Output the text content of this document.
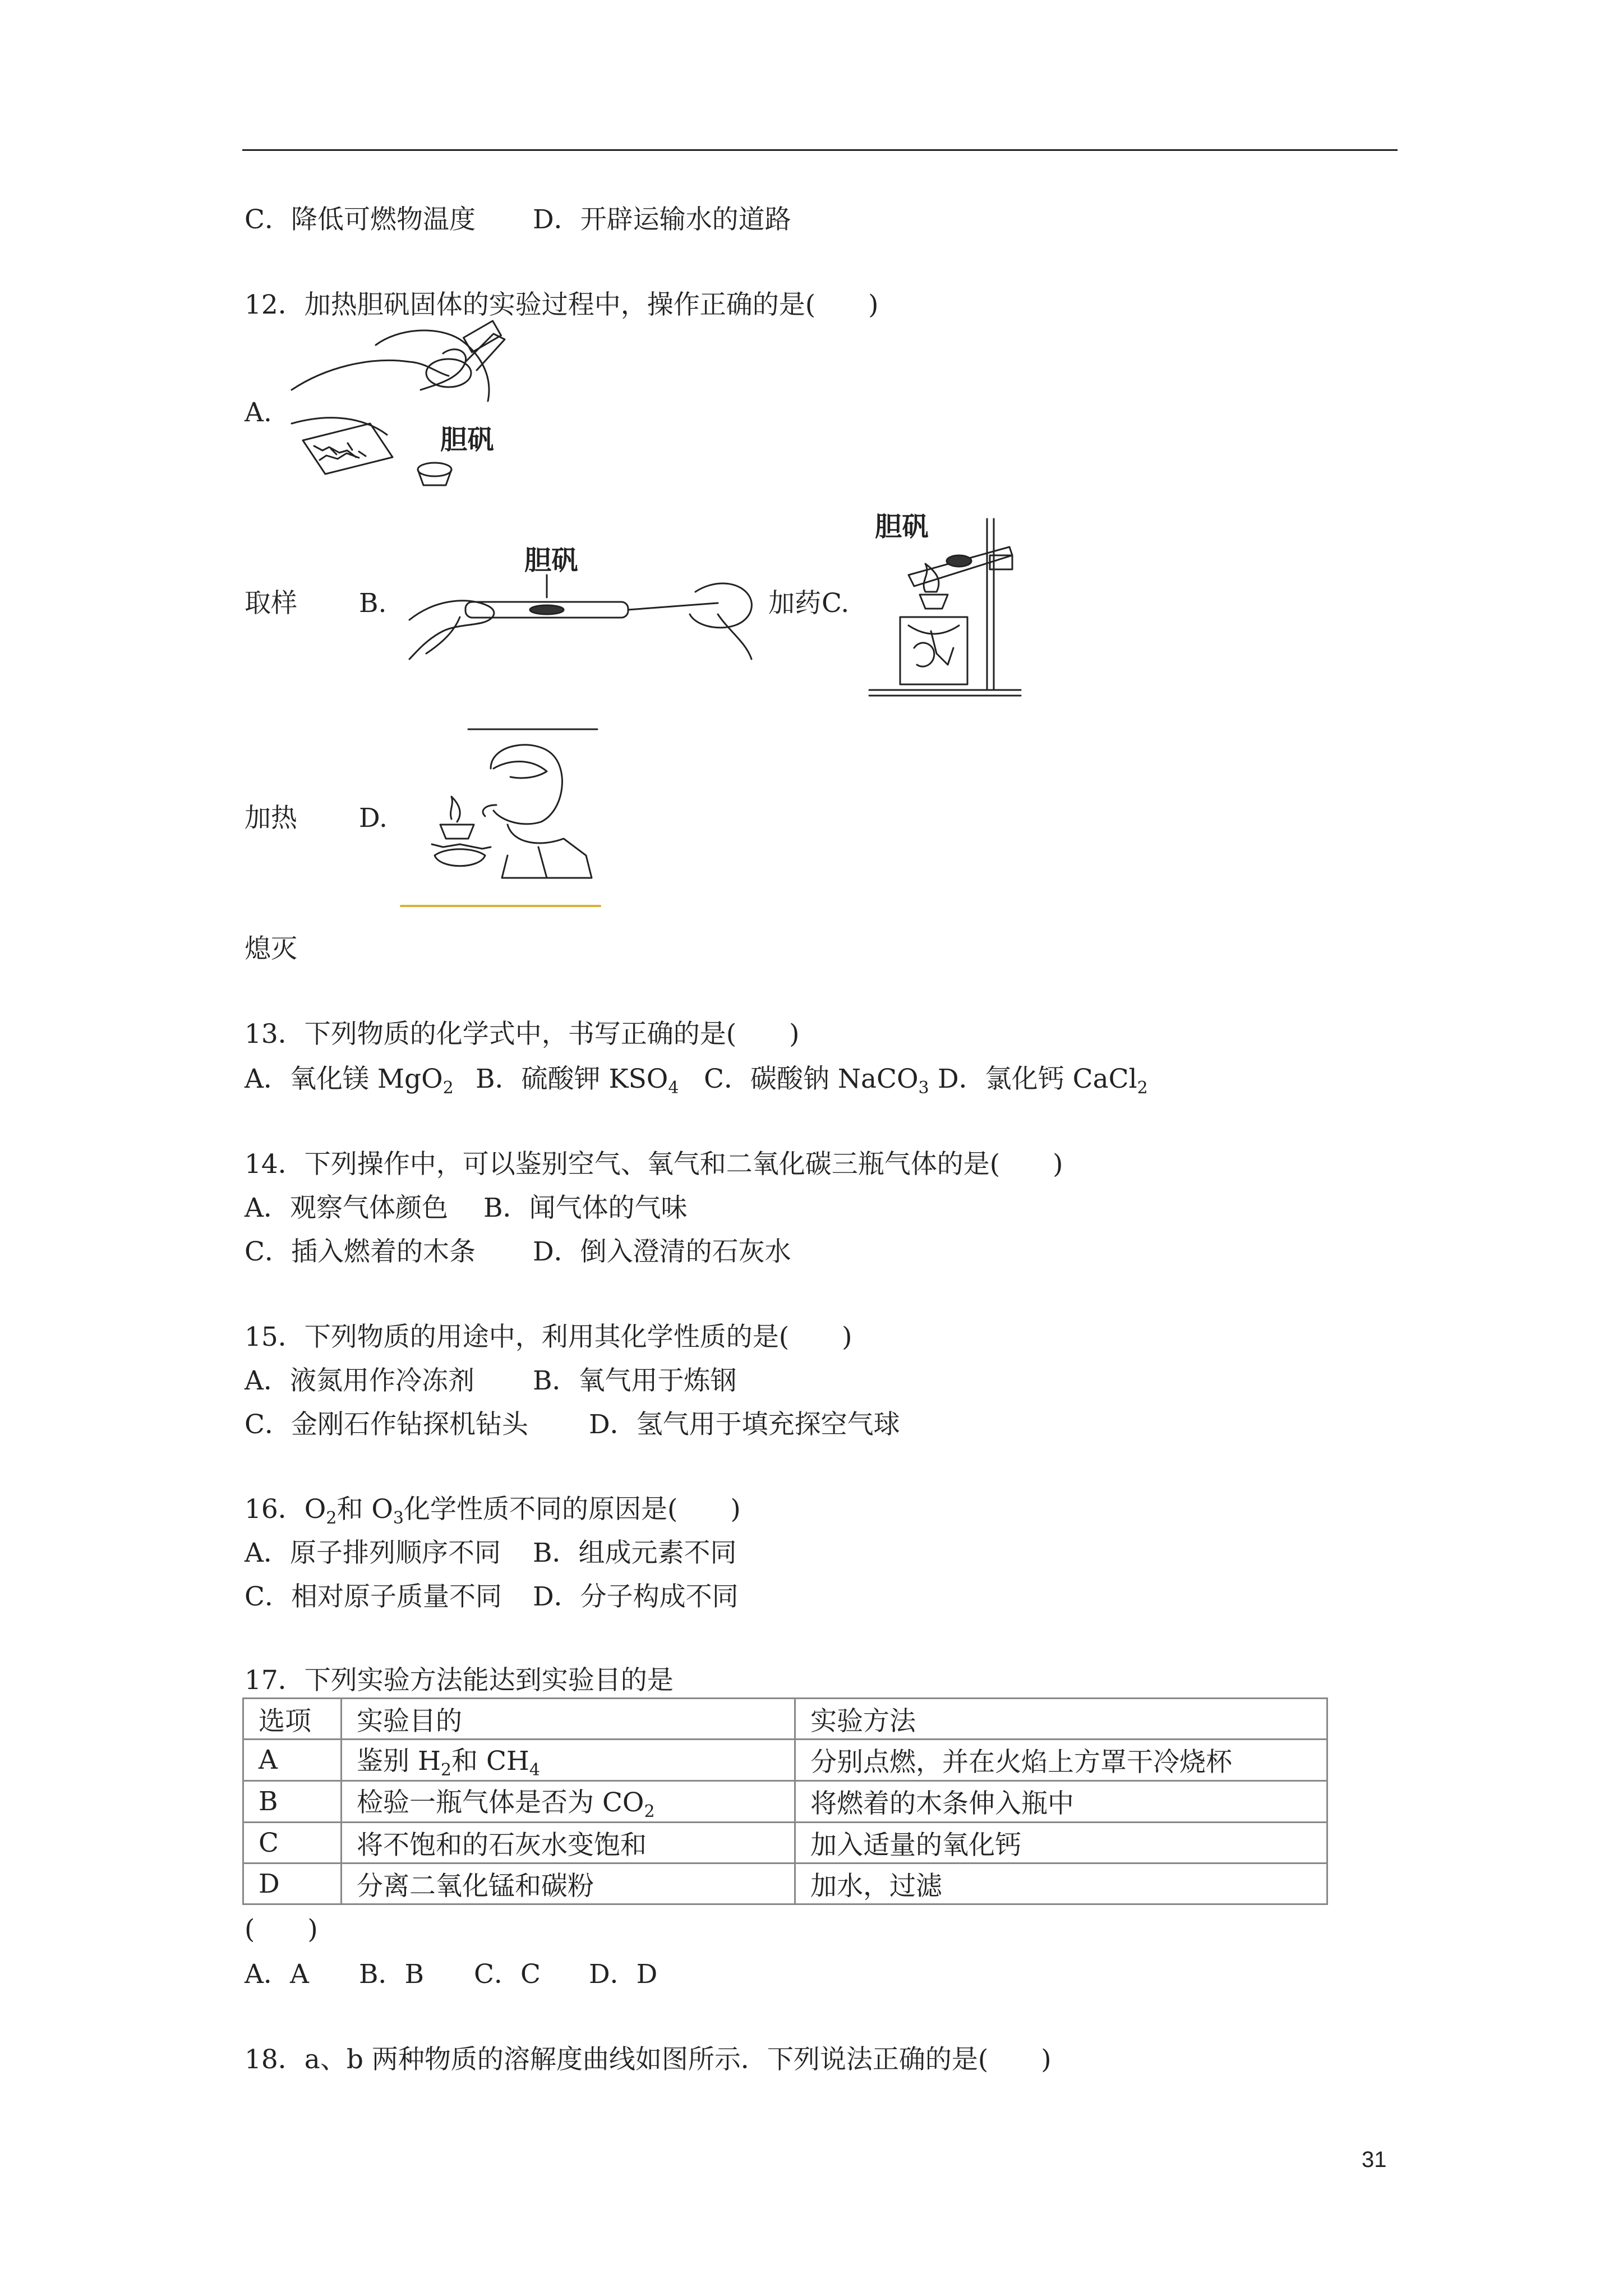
C．降低可燃物温度 D．开辟运输水的道路
12．加热胆矾固体的实验过程中，操作正确的是(　　)
A.
胆矾
取样 B.
胆矾
加药 C.
胆矾
加热 D.
熄灭
13．下列物质的化学式中，书写正确的是(　　)
A．氧化镁 MgO$_2$ B．硫酸钾 $KSO_4$ C．碳酸钠 NaCO$_3$ D．氯化钙 CaCl$_2$
14．下列操作中，可以鉴别空气、氧气和二氧化碳三瓶气体的是(　　)
A．观察气体颜色 B．闻气体的气味
C．插入燃着的木条 D．倒入澄清的石灰水
15．下列物质的用途中，利用其化学性质的是(　　)
A．液氮用作冷冻剂 B．氧气用于炼钢
C．金刚石作钻探机钻头 D．氢气用于填充探空气球
16．$O_2$和 $O_3$化学性质不同的原因是(　　)
A．原子排列顺序不同 B．组成元素不同
C．相对原子质量不同 D．分子构成不同
17．下列实验方法能达到实验目的是
选项	实验目的	实验方法
A	鉴别 $H_2$和 $CH_4$	分别点燃，并在火焰上方罩干冷烧杯
B	检验一瓶气体是否为 $CO_2$	将燃着的木条伸入瓶中
C	将不饱和的石灰水变饱和	加入适量的氧化钙
D	分离二氧化锰和碳粉	加水，过滤
(　　)
A．A B．B C．C D．D
18．a、b 两种物质的溶解度曲线如图所示．下列说法正确的是(　　)
31
